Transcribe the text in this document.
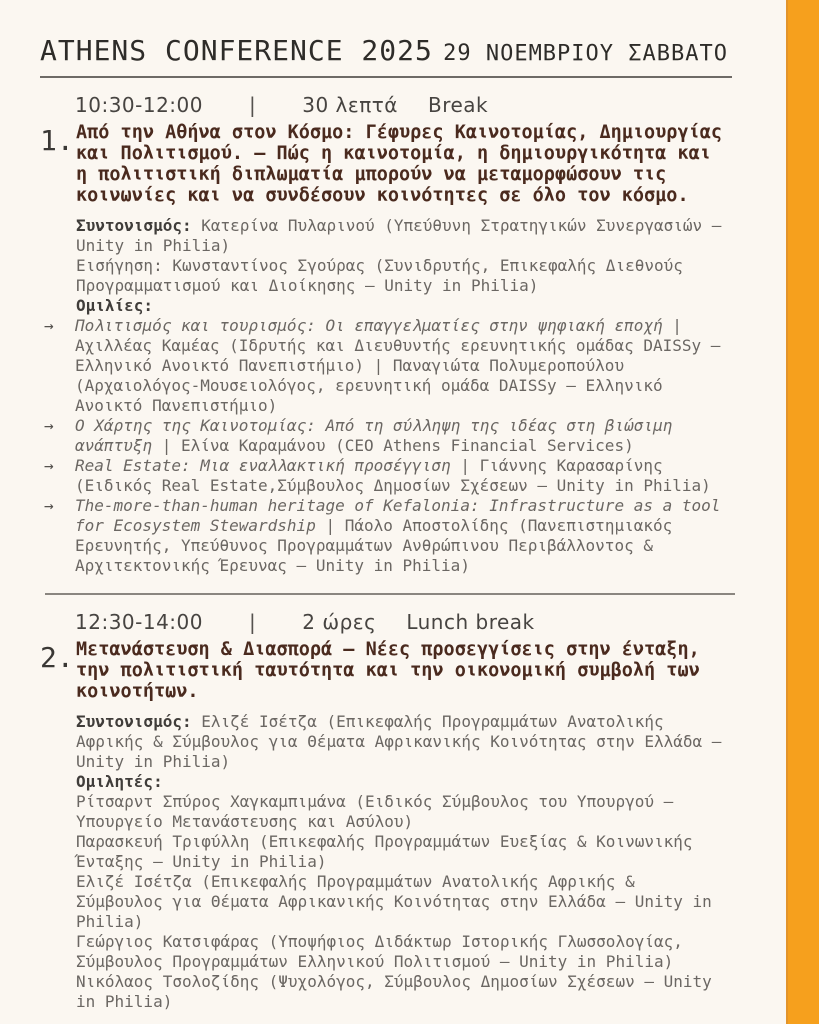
ATHENS CONFERENCE 2025 29 ΝΟΕΜΒΡΙΟΥ ΣΑΒΒΑΤΟ
10:30-12:00 | 30 λεπτά Break
1. Από την Αθήνα στον Κόσμο: Γέφυρες Καινοτομίας, Δημιουργίας και Πολιτισμού. – Πώς η καινοτομία, η δημιουργικότητα και η πολιτιστική διπλωματία μπορούν να μεταμορφώσουν τις κοινωνίες και να συνδέσουν κοινότητες σε όλο τον κόσμο.

Συντονισμός: Κατερίνα Πυλαρινού (Υπεύθυνη Στρατηγικών Συνεργασιών – Unity in Philia)

Εισήγηση: Κωνσταντίνος Σγούρας (Συνιδρυτής, Επικεφαλής Διεθνούς Προγραμματισμού και Διοίκησης – Unity in Philia)

Ομιλίες:

→	Πολιτισμός και τουρισμός: Οι επαγγελματίες στην ψηφιακή εποχή | Αχιλλέας Καμέας (Ιδρυτής και Διευθυντής ερευνητικής ομάδας DAISSy – Ελληνικό Ανοικτό Πανεπιστήμιο) | Παναγιώτα Πολυμεροπούλου (Αρχαιολόγος-Μουσειολόγος, ερευνητική ομάδα DAISSy – Ελληνικό Ανοικτό Πανεπιστήμιο)

→	Ο Χάρτης της Καινοτομίας: Από τη σύλληψη της ιδέας στη βιώσιμη ανάπτυξη | Ελίνα Καραμάνου (CEO Athens Financial Services)

→	Real Estate: Μια εναλλακτική προσέγγιση | Γιάννης Καρασαρίνης (Ειδικός Real Estate,Σύμβουλος Δημοσίων Σχέσεων – Unity in Philia)

→	The-more-than-human heritage of Kefalonia: Infrastructure as a tool for Ecosystem Stewardship | Πάολο Αποστολίδης (Πανεπιστημιακός Ερευνητής, Υπεύθυνος Προγραμμάτων Ανθρώπινου Περιβάλλοντος & Αρχιτεκτονικής Έρευνας – Unity in Philia)

12:30-14:00 | 2 ώρες Lunch break
2. Μετανάστευση & Διασπορά – Νέες προσεγγίσεις στην ένταξη, την πολιτιστική ταυτότητα και την οικονομική συμβολή των κοινοτήτων.

Συντονισμός: Ελιζέ Ισέτζα (Επικεφαλής Προγραμμάτων Ανατολικής Αφρικής & Σύμβουλος για Θέματα Αφρικανικής Κοινότητας στην Ελλάδα – Unity in Philia)

Ομιλητές:

Ρίτσαρντ Σπύρος Χαγκαμπιμάνα (Ειδικός Σύμβουλος του Υπουργού – Υπουργείο Μετανάστευσης και Ασύλου)

Παρασκευή Τριφύλλη (Επικεφαλής Προγραμμάτων Ευεξίας & Κοινωνικής Ένταξης – Unity in Philia)

Ελιζέ Ισέτζα (Επικεφαλής Προγραμμάτων Ανατολικής Αφρικής & Σύμβουλος για Θέματα Αφρικανικής Κοινότητας στην Ελλάδα – Unity in Philia)

Γεώργιος Κατσιφάρας (Υποψήφιος Διδάκτωρ Ιστορικής Γλωσσολογίας, Σύμβουλος Προγραμμάτων Ελληνικού Πολιτισμού – Unity in Philia)

Νικόλαος Τσολοζίδης (Ψυχολόγος, Σύμβουλος Δημοσίων Σχέσεων – Unity in Philia)
